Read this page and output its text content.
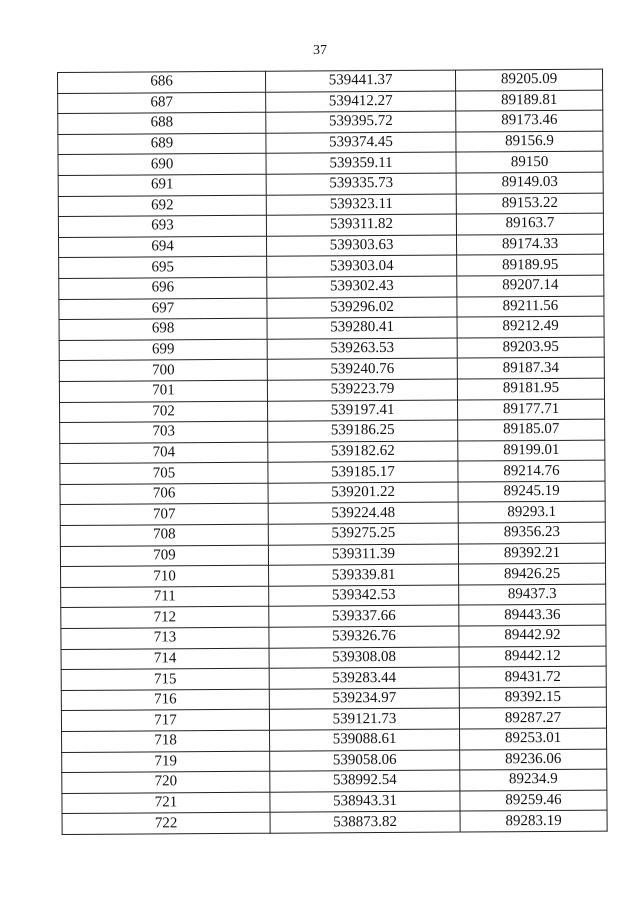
37
686	539441.37	89205.09
687	539412.27	89189.81
688	539395.72	89173.46
689	539374.45	89156.9
690	539359.11	89150
691	539335.73	89149.03
692	539323.11	89153.22
693	539311.82	89163.7
694	539303.63	89174.33
695	539303.04	89189.95
696	539302.43	89207.14
697	539296.02	89211.56
698	539280.41	89212.49
699	539263.53	89203.95
700	539240.76	89187.34
701	539223.79	89181.95
702	539197.41	89177.71
703	539186.25	89185.07
704	539182.62	89199.01
705	539185.17	89214.76
706	539201.22	89245.19
707	539224.48	89293.1
708	539275.25	89356.23
709	539311.39	89392.21
710	539339.81	89426.25
711	539342.53	89437.3
712	539337.66	89443.36
713	539326.76	89442.92
714	539308.08	89442.12
715	539283.44	89431.72
716	539234.97	89392.15
717	539121.73	89287.27
718	539088.61	89253.01
719	539058.06	89236.06
720	538992.54	89234.9
721	538943.31	89259.46
722	538873.82	89283.19
